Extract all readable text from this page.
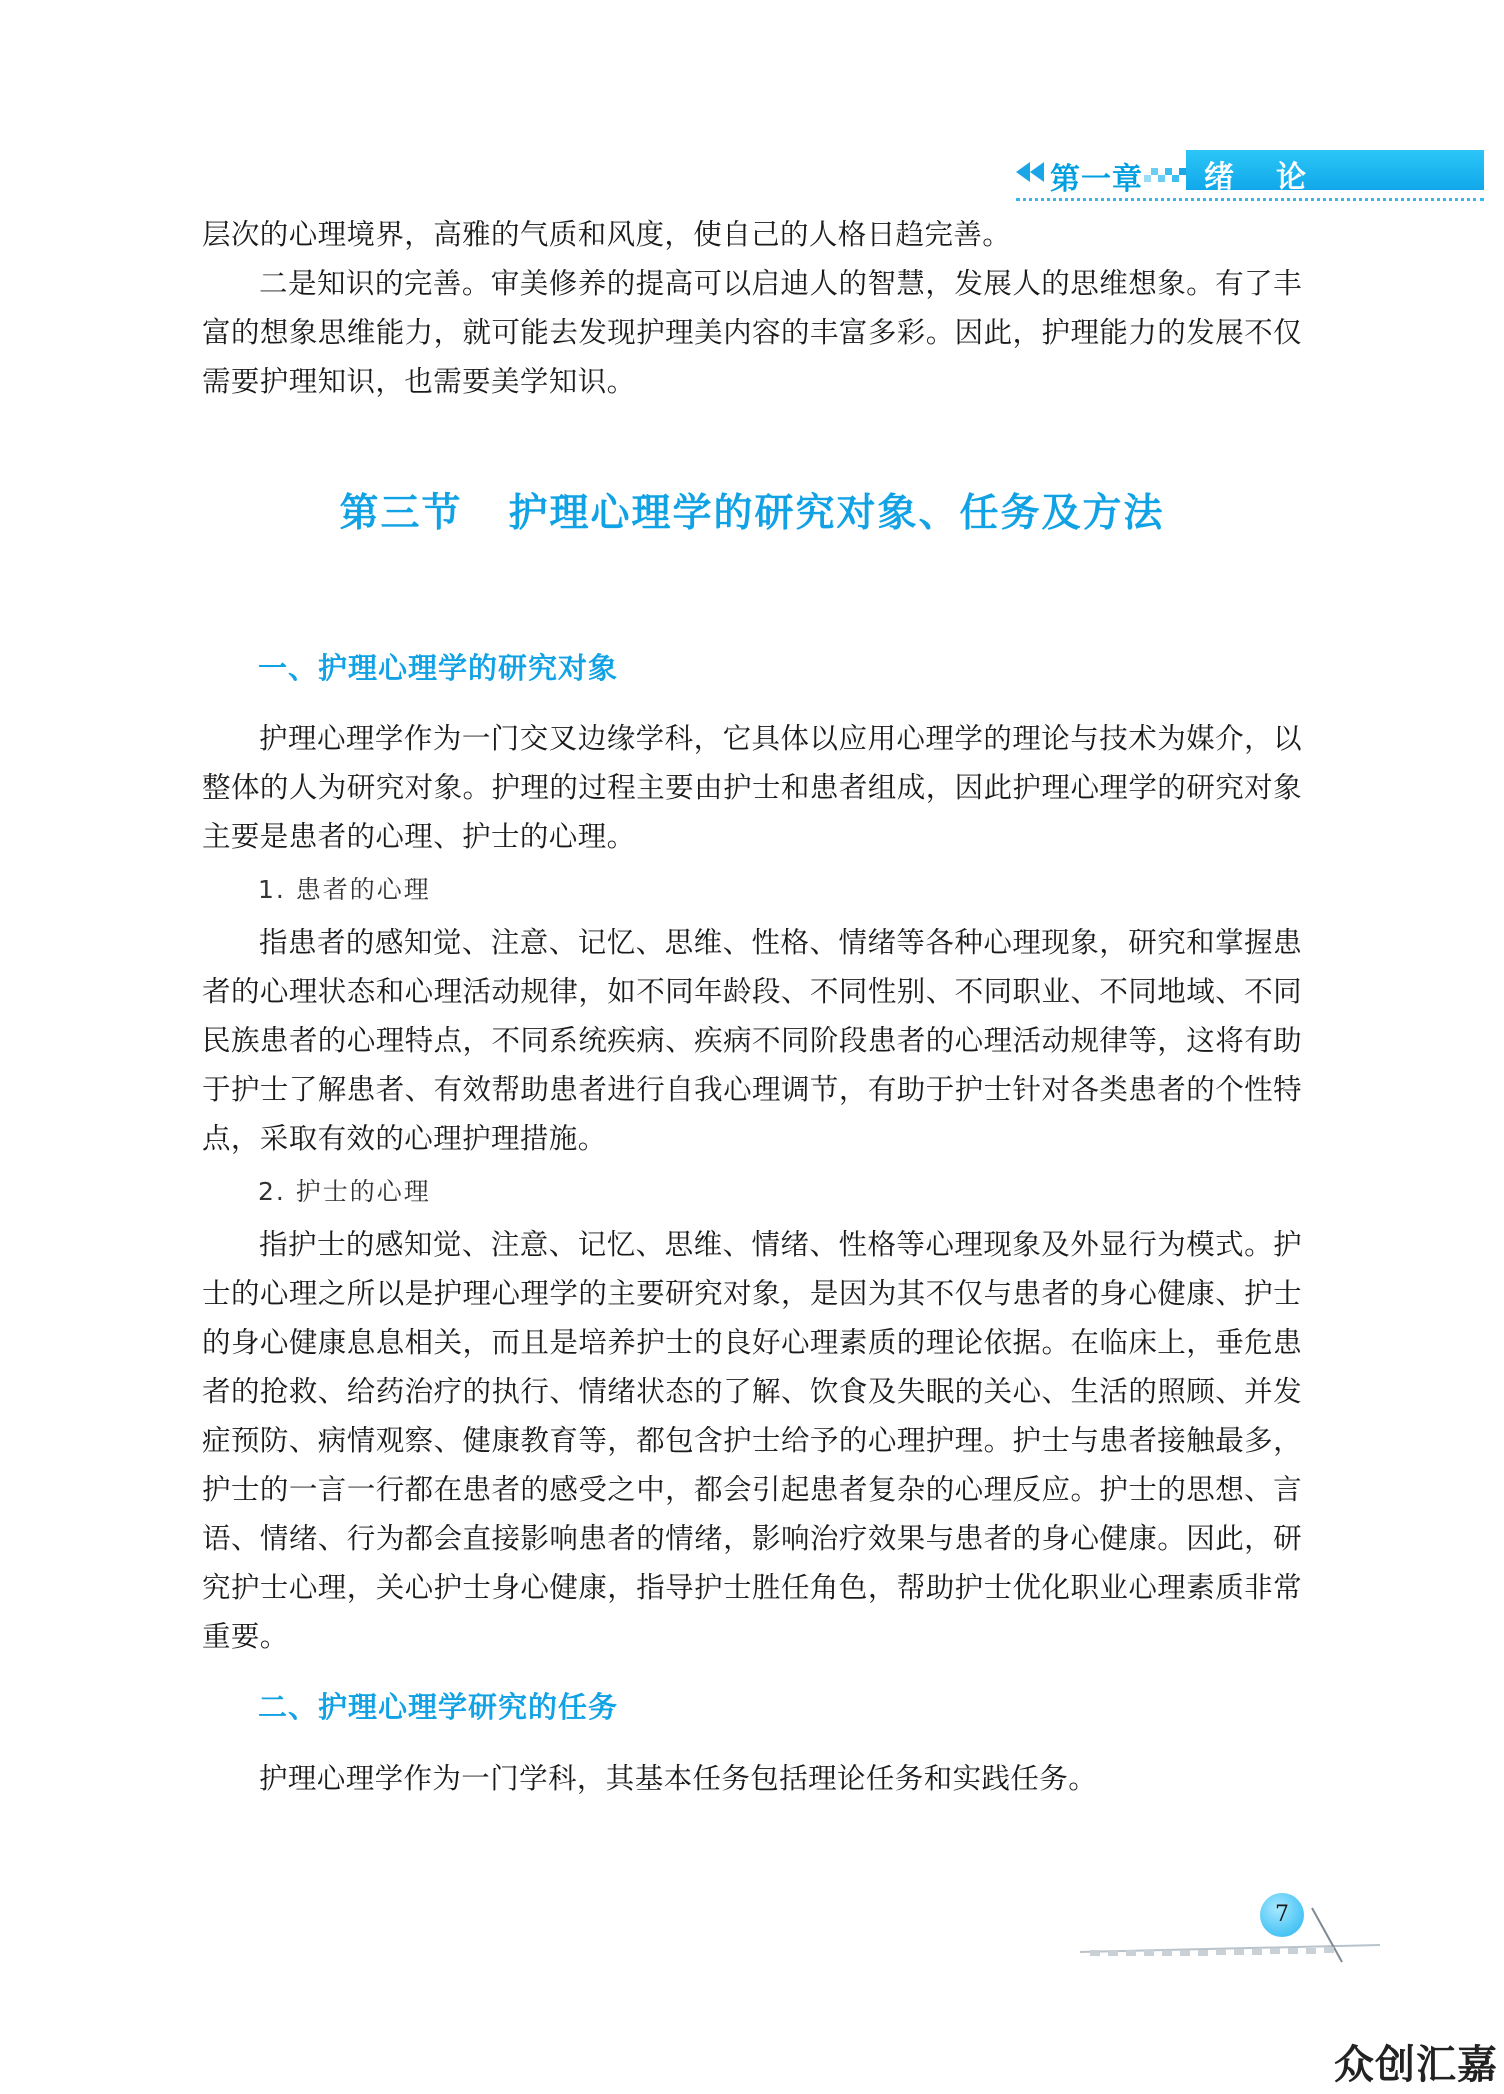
第一章 绪论

层次的心理境界，高雅的气质和风度，使自己的人格日趋完善。

二是知识的完善。审美修养的提高可以启迪人的智慧，发展人的思维想象。有了丰富的想象思维能力，就可能去发现护理美内容的丰富多彩。因此，护理能力的发展不仅需要护理知识，也需要美学知识。

第三节 护理心理学的研究对象、任务及方法
一、护理心理学的研究对象

护理心理学作为一门交叉边缘学科，它具体以应用心理学的理论与技术为媒介，以整体的人为研究对象。护理的过程主要由护士和患者组成，因此护理心理学的研究对象主要是患者的心理、护士的心理。

1. 患者的心理

指患者的感知觉、注意、记忆、思维、性格、情绪等各种心理现象，研究和掌握患者的心理状态和心理活动规律，如不同年龄段、不同性别、不同职业、不同地域、不同民族患者的心理特点，不同系统疾病、疾病不同阶段患者的心理活动规律等，这将有助于护士了解患者、有效帮助患者进行自我心理调节，有助于护士针对各类患者的个性特点，采取有效的心理护理措施。

2. 护士的心理

指护士的感知觉、注意、记忆、思维、情绪、性格等心理现象及外显行为模式。护士的心理之所以是护理心理学的主要研究对象，是因为其不仅与患者的身心健康、护士的身心健康息息相关，而且是培养护士的良好心理素质的理论依据。在临床上，垂危患者的抢救、给药治疗的执行、情绪状态的了解、饮食及失眠的关心、生活的照顾、并发症预防、病情观察、健康教育等，都包含护士给予的心理护理。护士与患者接触最多，护士的一言一行都在患者的感受之中，都会引起患者复杂的心理反应。护士的思想、言语、情绪、行为都会直接影响患者的情绪，影响治疗效果与患者的身心健康。因此，研究护士心理，关心护士身心健康，指导护士胜任角色，帮助护士优化职业心理素质非常重要。

二、护理心理学研究的任务

护理心理学作为一门学科，其基本任务包括理论任务和实践任务。

7
众创汇嘉
